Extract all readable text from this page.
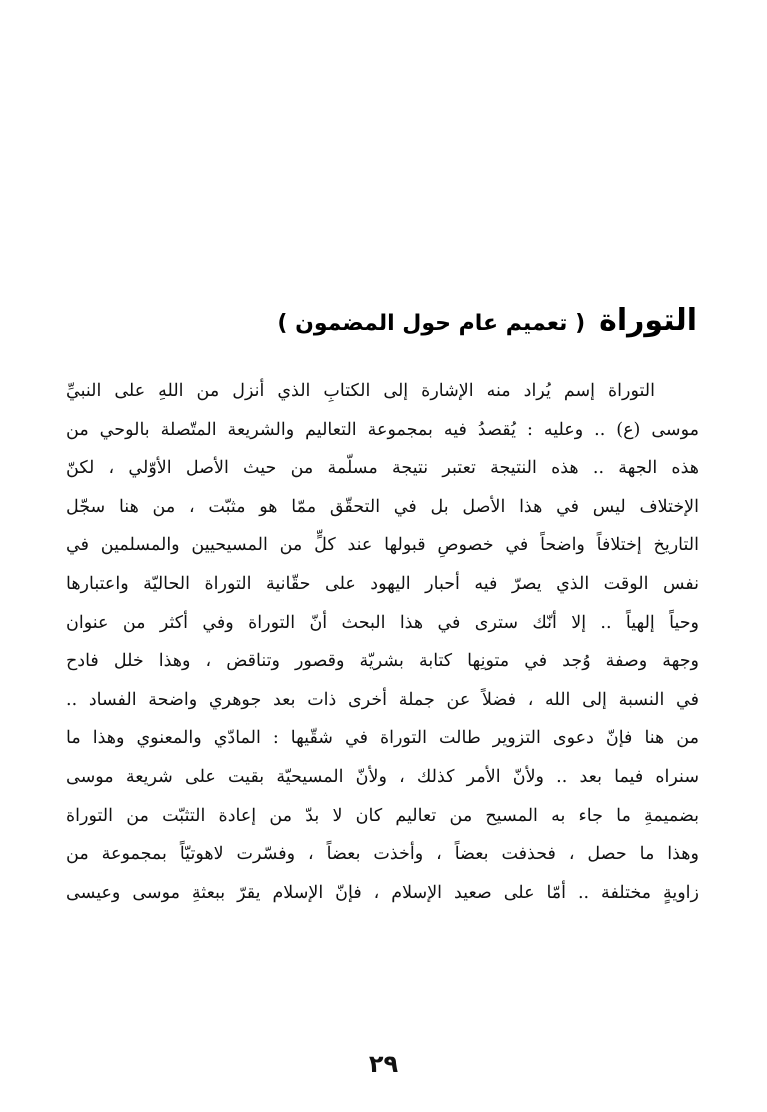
التوراة( تعميم عام حول المضمون )
التوراة إسم يُراد منه الإشارة إلى الكتابِ الذي أنزل من اللهِ على النبيِّ
موسى (ع) .. وعليه : يُقصدُ فيه بمجموعة التعاليم والشريعة المتّصلة بالوحي من
هذه الجهة .. هذه النتيجة تعتبر نتيجة مسلّمة من حيث الأصل الأوّلي ، لكنّ
الإختلاف ليس في هذا الأصل بل في التحقّق ممّا هو مثبّت ، من هنا سجّل
التاريخ إختلافاً واضحاً في خصوصِ قبولها عند كلٍّ من المسيحيين والمسلمين في
نفس الوقت الذي يصرّ فيه أحبار اليهود على حقّانية التوراة الحاليّة واعتبارها
وحياً إلهياً .. إلا أنّك سترى في هذا البحث أنّ التوراة وفي أكثر من عنوان
وجهة وصفة وُجد في متونِها كتابة بشريّة وقصور وتناقض ، وهذا خلل فادح
في النسبة إلى الله ، فضلاً عن جملة أخرى ذات بعد جوهري واضحة الفساد ..
من هنا فإنّ دعوى التزوير طالت التوراة في شقّيها : المادّي والمعنوي وهذا ما
سنراه فيما بعد .. ولأنّ الأمر كذلك ، ولأنّ المسيحيّة بقيت على شريعة موسى
بضميمةِ ما جاء به المسيح من تعاليم كان لا بدّ من إعادة التثبّت من التوراة
وهذا ما حصل ، فحذفت بعضاً ، وأخذت بعضاً ، وفسّرت لاهوتيّاً بمجموعة من
زاويةٍ مختلفة .. أمّا على صعيد الإسلام ، فإنّ الإسلام يقرّ ببعثةِ موسى وعيسى
٢٩
